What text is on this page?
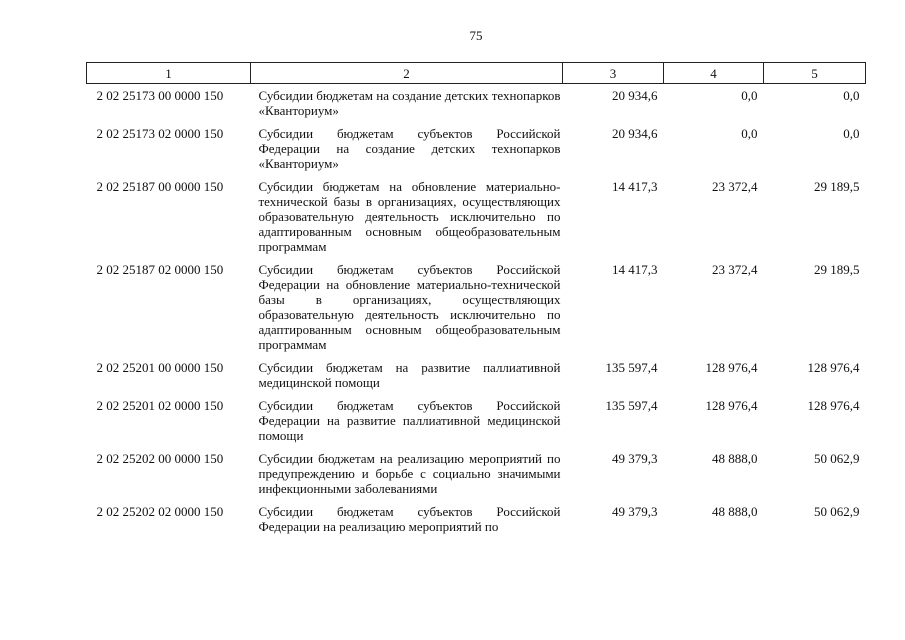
75
1	2	3	4	5
2 02 25173 00 0000 150	Субсидии бюджетам на создание детских технопарков «Кванториум»	20 934,6	0,0	0,0
2 02 25173 02 0000 150	Субсидии бюджетам субъектов Российской Федерации на создание детских технопарков «Кванториум»	20 934,6	0,0	0,0
2 02 25187 00 0000 150	Субсидии бюджетам на обновление материально-технической базы в организациях, осуществляющих образовательную деятельность исключительно по адаптированным основным общеобразовательным программам	14 417,3	23 372,4	29 189,5
2 02 25187 02 0000 150	Субсидии бюджетам субъектов Российской Федерации на обновление материально-технической базы в организациях, осуществляющих образовательную деятельность исключительно по адаптированным основным общеобразовательным программам	14 417,3	23 372,4	29 189,5
2 02 25201 00 0000 150	Субсидии бюджетам на развитие паллиативной медицинской помощи	135 597,4	128 976,4	128 976,4
2 02 25201 02 0000 150	Субсидии бюджетам субъектов Российской Федерации на развитие паллиативной медицинской помощи	135 597,4	128 976,4	128 976,4
2 02 25202 00 0000 150	Субсидии бюджетам на реализацию мероприятий по предупреждению и борьбе с социально значимыми инфекционными заболеваниями	49 379,3	48 888,0	50 062,9
2 02 25202 02 0000 150	Субсидии бюджетам субъектов Российской Федерации на реализацию мероприятий по	49 379,3	48 888,0	50 062,9
